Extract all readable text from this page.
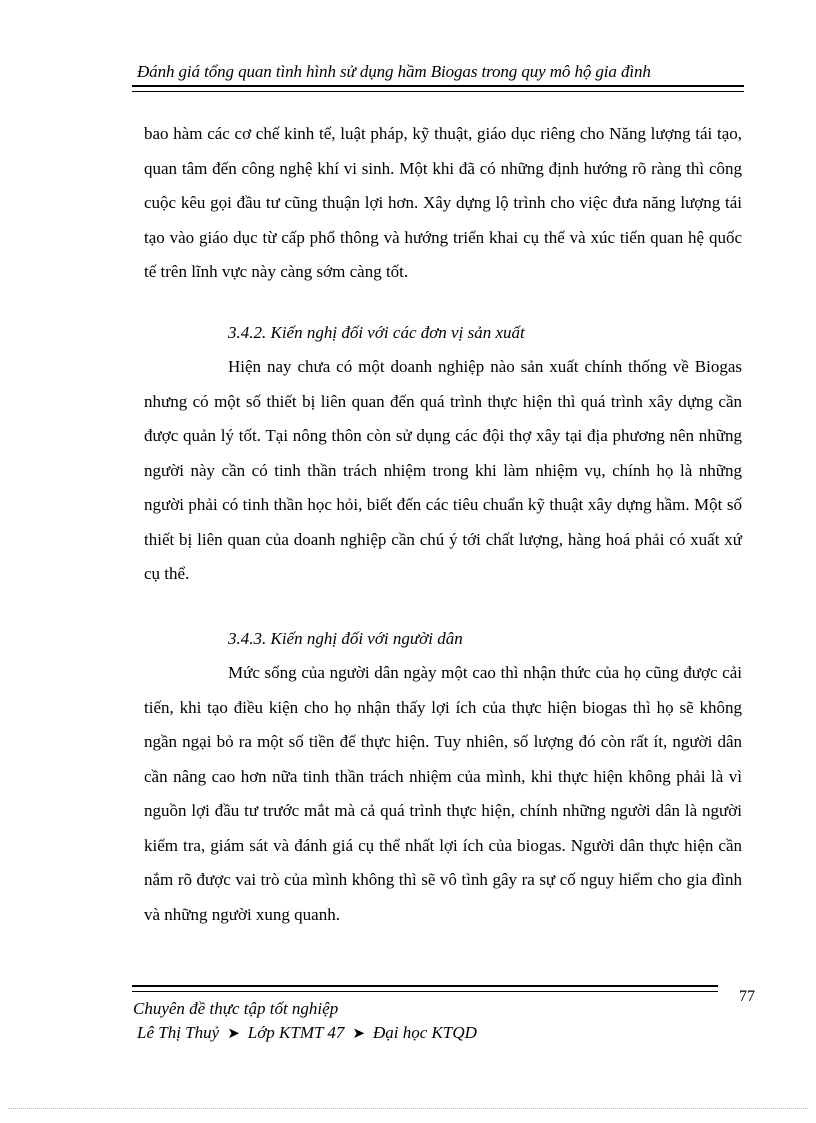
Đánh giá tổng quan tình hình sử dụng hầm Biogas trong quy mô hộ gia đình

bao hàm các cơ chế kinh tế, luật pháp, kỹ thuật, giáo dục riêng cho Năng lượng tái tạo, quan tâm đến công nghệ khí vi sinh. Một khi đã có những định hướng rõ ràng thì công cuộc kêu gọi đầu tư cũng thuận lợi hơn. Xây dựng lộ trình cho việc đưa năng lượng tái tạo vào giáo dục từ cấp phổ thông và hướng triển khai cụ thể và xúc tiến quan hệ quốc tế trên lĩnh vực này càng sớm càng tốt.

3.4.2. Kiến nghị đối với các đơn vị sản xuất

Hiện nay chưa có một doanh nghiệp nào sản xuất chính thống về Biogas nhưng có một số thiết bị liên quan đến quá trình thực hiện thì quá trình xây dựng cần được quản lý tốt. Tại nông thôn còn sử dụng các đội thợ xây tại địa phương nên những người này cần có tinh thần trách nhiệm trong khi làm nhiệm vụ, chính họ là những người phải có tinh thần học hỏi, biết đến các tiêu chuẩn kỹ thuật xây dựng hầm. Một số thiết bị liên quan của doanh nghiệp cần chú ý tới chất lượng, hàng hoá phải có xuất xứ cụ thể.

3.4.3. Kiến nghị đối với người dân

Mức sống của người dân ngày một cao thì nhận thức của họ cũng được cải tiến, khi tạo điều kiện cho họ nhận thấy lợi ích của thực hiện biogas thì họ sẽ không ngần ngại bỏ ra một số tiền để thực hiện. Tuy nhiên, số lượng đó còn rất ít, người dân cần nâng cao hơn nữa tinh thần trách nhiệm của mình, khi thực hiện không phải là vì nguồn lợi đầu tư trước mắt mà cả quá trình thực hiện, chính những người dân là người kiểm tra, giám sát và đánh giá cụ thể nhất lợi ích của biogas. Người dân thực hiện cần nắm rõ được vai trò của mình không thì sẽ vô tình gây ra sự cố nguy hiểm cho gia đình và những người xung quanh.

77
Chuyên đề thực tập tốt nghiệp
Lê Thị Thuỷ ➤ Lớp KTMT 47 ➤ Đại học KTQD
